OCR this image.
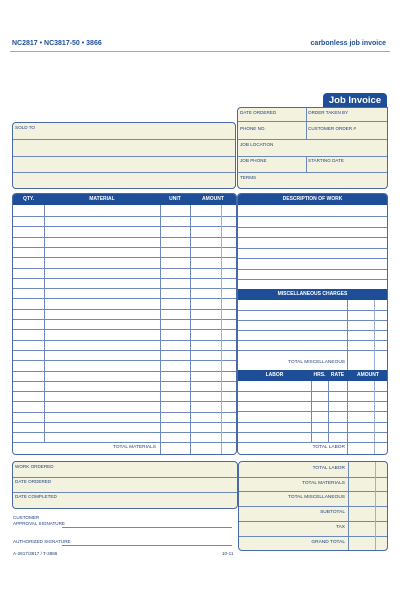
NC2817 • NC3817-50 • 3866	carbonless job invoice
Job Invoice
DATE ORDERED	ORDER TAKEN BY
PHONE NO.	CUSTOMER ORDER #
JOB LOCATION
JOB PHONE	STARTING DATE
TERMS
SOLD TO
QTY.	MATERIAL	UNIT	AMOUNT
TOTAL MATERIALS
DESCRIPTION OF WORK
MISCELLANEOUS CHARGES
TOTAL MISCELLANEOUS
LABOR	HRS.	RATE	AMOUNT
TOTAL LABOR
WORK ORDERED
DATE ORDERED
DATE COMPLETED
TOTAL LABOR
TOTAL MATERIALS
TOTAL MISCELLANEOUS
SUBTOTAL
TAX
GRAND TOTAL
CUSTOMER
APPROVAL SIGNATURE
AUTHORIZED SIGNATURE
A-2817/3817 / T-3866	10-11
